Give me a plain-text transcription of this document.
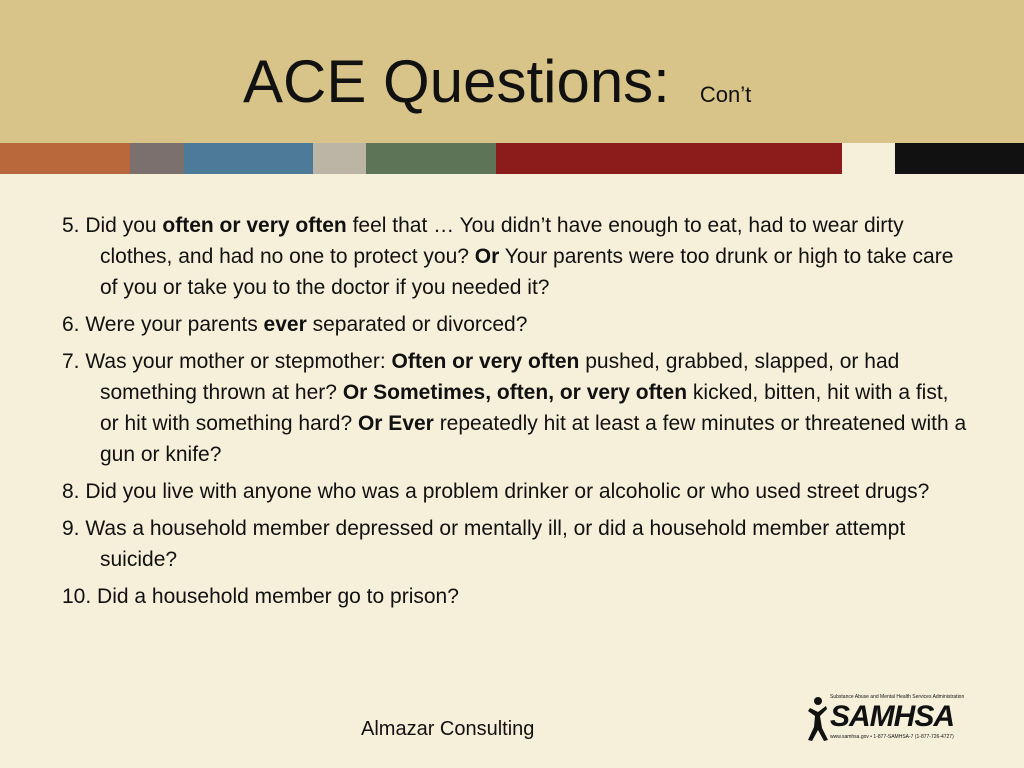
ACE Questions: Con’t
5. Did you often or very often feel that … You didn’t have enough to eat, had to wear dirty clothes, and had no one to protect you? Or Your parents were too drunk or high to take care of you or take you to the doctor if you needed it?
6. Were your parents ever separated or divorced?
7. Was your mother or stepmother: Often or very often pushed, grabbed, slapped, or had something thrown at her? Or Sometimes, often, or very often kicked, bitten, hit with a fist, or hit with something hard? Or Ever repeatedly hit at least a few minutes or threatened with a gun or knife?
8. Did you live with anyone who was a problem drinker or alcoholic or who used street drugs?
9. Was a household member depressed or mentally ill, or did a household member attempt suicide?
10. Did a household member go to prison?
Almazar Consulting
Substance Abuse and Mental Health Services Administration
SAMHSA
www.samhsa.gov • 1-877-SAMHSA-7 (1-877-726-4727)
